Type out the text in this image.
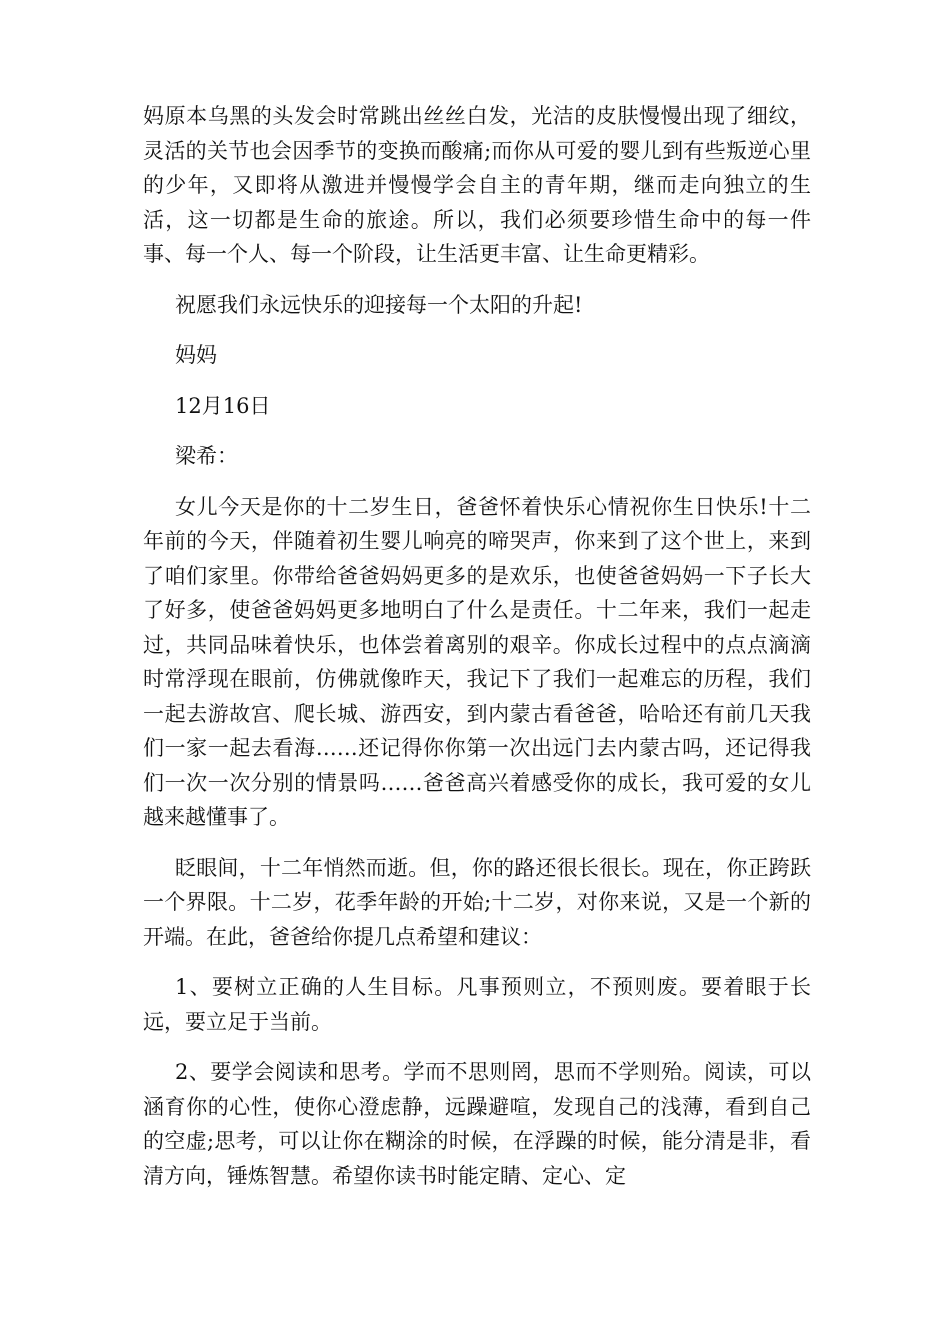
妈原本乌黑的头发会时常跳出丝丝白发，光洁的皮肤慢慢出现了细纹，灵活的关节也会因季节的变换而酸痛;而你从可爱的婴儿到有些叛逆心里的少年，又即将从激进并慢慢学会自主的青年期，继而走向独立的生活，这一切都是生命的旅途。所以，我们必须要珍惜生命中的每一件事、每一个人、每一个阶段，让生活更丰富、让生命更精彩。

祝愿我们永远快乐的迎接每一个太阳的升起!

妈妈

12月16日

梁希：

女儿今天是你的十二岁生日，爸爸怀着快乐心情祝你生日快乐!十二年前的今天，伴随着初生婴儿响亮的啼哭声，你来到了这个世上，来到了咱们家里。你带给爸爸妈妈更多的是欢乐，也使爸爸妈妈一下子长大了好多，使爸爸妈妈更多地明白了什么是责任。十二年来，我们一起走过，共同品味着快乐，也体尝着离别的艰辛。你成长过程中的点点滴滴时常浮现在眼前，仿佛就像昨天，我记下了我们一起难忘的历程，我们一起去游故宫、爬长城、游西安，到内蒙古看爸爸，哈哈还有前几天我们一家一起去看海……还记得你你第一次出远门去内蒙古吗，还记得我们一次一次分别的情景吗……爸爸高兴着感受你的成长，我可爱的女儿越来越懂事了。

眨眼间，十二年悄然而逝。但，你的路还很长很长。现在，你正跨跃一个界限。十二岁，花季年龄的开始;十二岁，对你来说，又是一个新的开端。在此，爸爸给你提几点希望和建议：

1、要树立正确的人生目标。凡事预则立，不预则废。要着眼于长远，要立足于当前。

2、要学会阅读和思考。学而不思则罔，思而不学则殆。阅读，可以涵育你的心性，使你心澄虑静，远躁避喧，发现自己的浅薄，看到自己的空虚;思考，可以让你在糊涂的时候，在浮躁的时候，能分清是非，看清方向，锤炼智慧。希望你读书时能定睛、定心、定
